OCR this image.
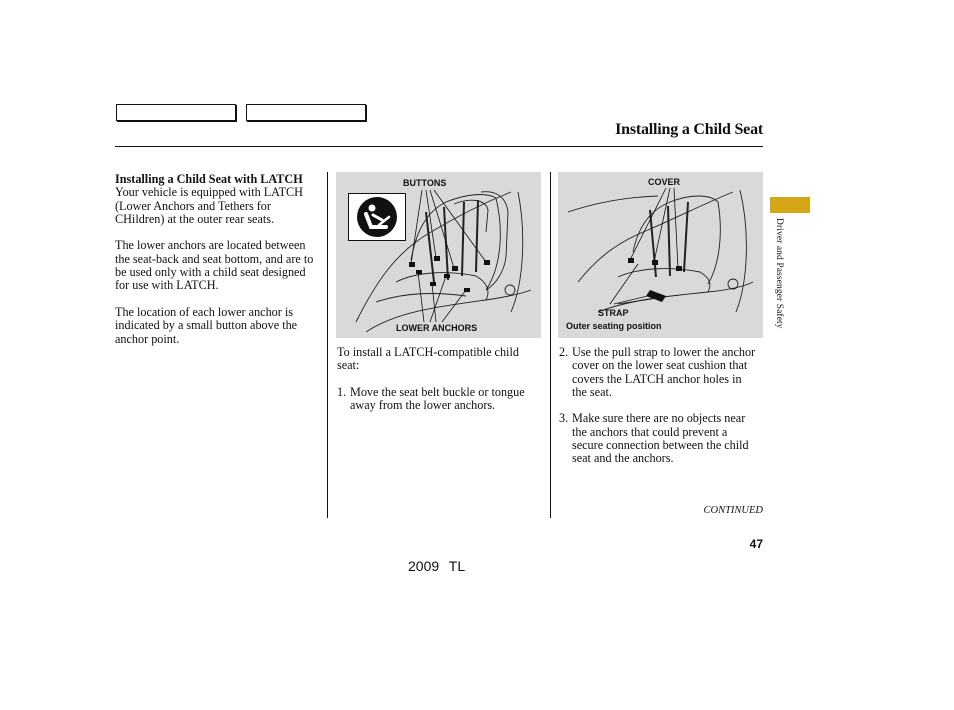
Installing a Child Seat
Installing a Child Seat with LATCH

Your vehicle is equipped with LATCH (Lower Anchors and Tethers for CHildren) at the outer rear seats.

The lower anchors are located between the seat-back and seat bottom, and are to be used only with a child seat designed for use with LATCH.

The location of each lower anchor is indicated by a small button above the anchor point.

BUTTONS
LOWER ANCHORS
COVER
STRAP
Outer seating position

To install a LATCH-compatible child seat:

1. Move the seat belt buckle or tongue away from the lower anchors.
2. Use the pull strap to lower the anchor cover on the lower seat cushion that covers the LATCH anchor holes in the seat.
3. Make sure there are no objects near the anchors that could prevent a secure connection between the child seat and the anchors.
CONTINUED
47
2009 TL
Driver and Passenger Safety
